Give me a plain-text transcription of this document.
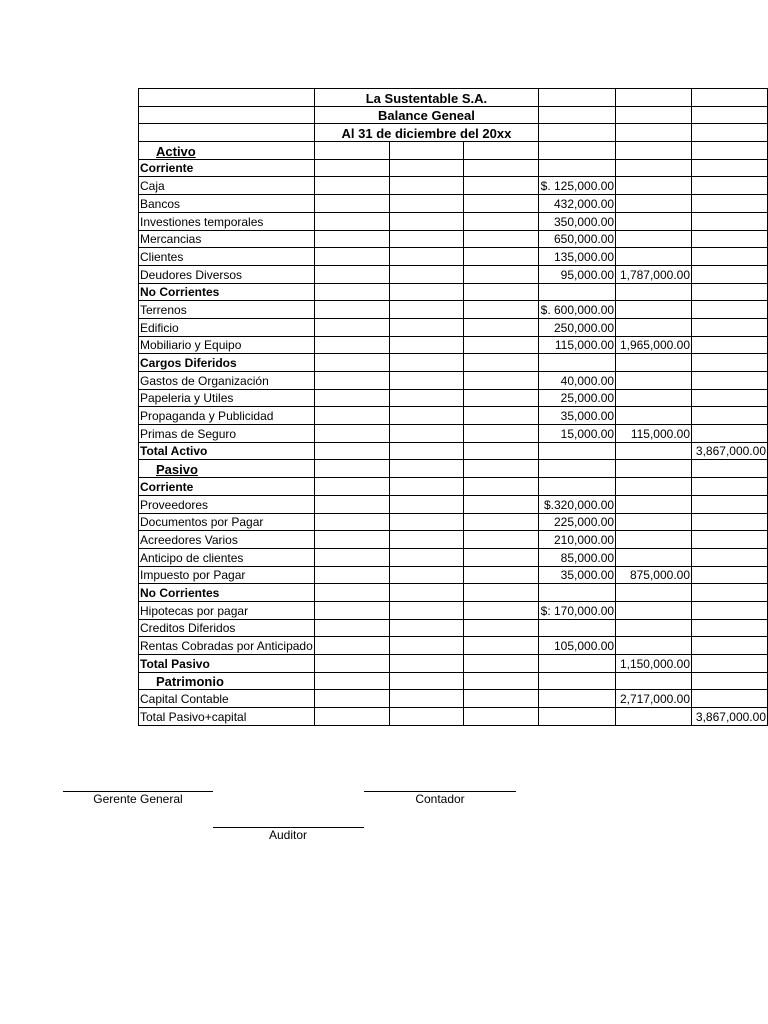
	La Sustentable S.A.					
	Balance Geneal					
	Al 31 de diciembre del 20xx					
Activo						
Corriente						
Caja				$. 125,000.00		
Bancos				432,000.00		
Investiones temporales				350,000.00		
Mercancias				650,000.00		
Clientes				135,000.00		
Deudores Diversos				95,000.00	1,787,000.00	
No Corrientes						
Terrenos				$. 600,000.00		
Edificio				250,000.00		
Mobiliario y Equipo				115,000.00	1,965,000.00	
Cargos Diferidos						
Gastos de Organización				40,000.00		
Papeleria y Utiles				25,000.00		
Propaganda y Publicidad				35,000.00		
Primas de Seguro				15,000.00	115,000.00	
Total Activo						3,867,000.00
Pasivo						
Corriente						
Proveedores				$.320,000.00		
Documentos por Pagar				225,000.00		
Acreedores Varios				210,000.00		
Anticipo de clientes				85,000.00		
Impuesto por Pagar				35,000.00	875,000.00	
No Corrientes						
Hipotecas por pagar				$: 170,000.00		
Creditos Diferidos						
Rentas Cobradas por Anticipado				105,000.00		
Total Pasivo					1,150,000.00	
Patrimonio						
Capital Contable					2,717,000.00	
Total Pasivo+capital						3,867,000.00
Gerente General	Contador
Auditor
